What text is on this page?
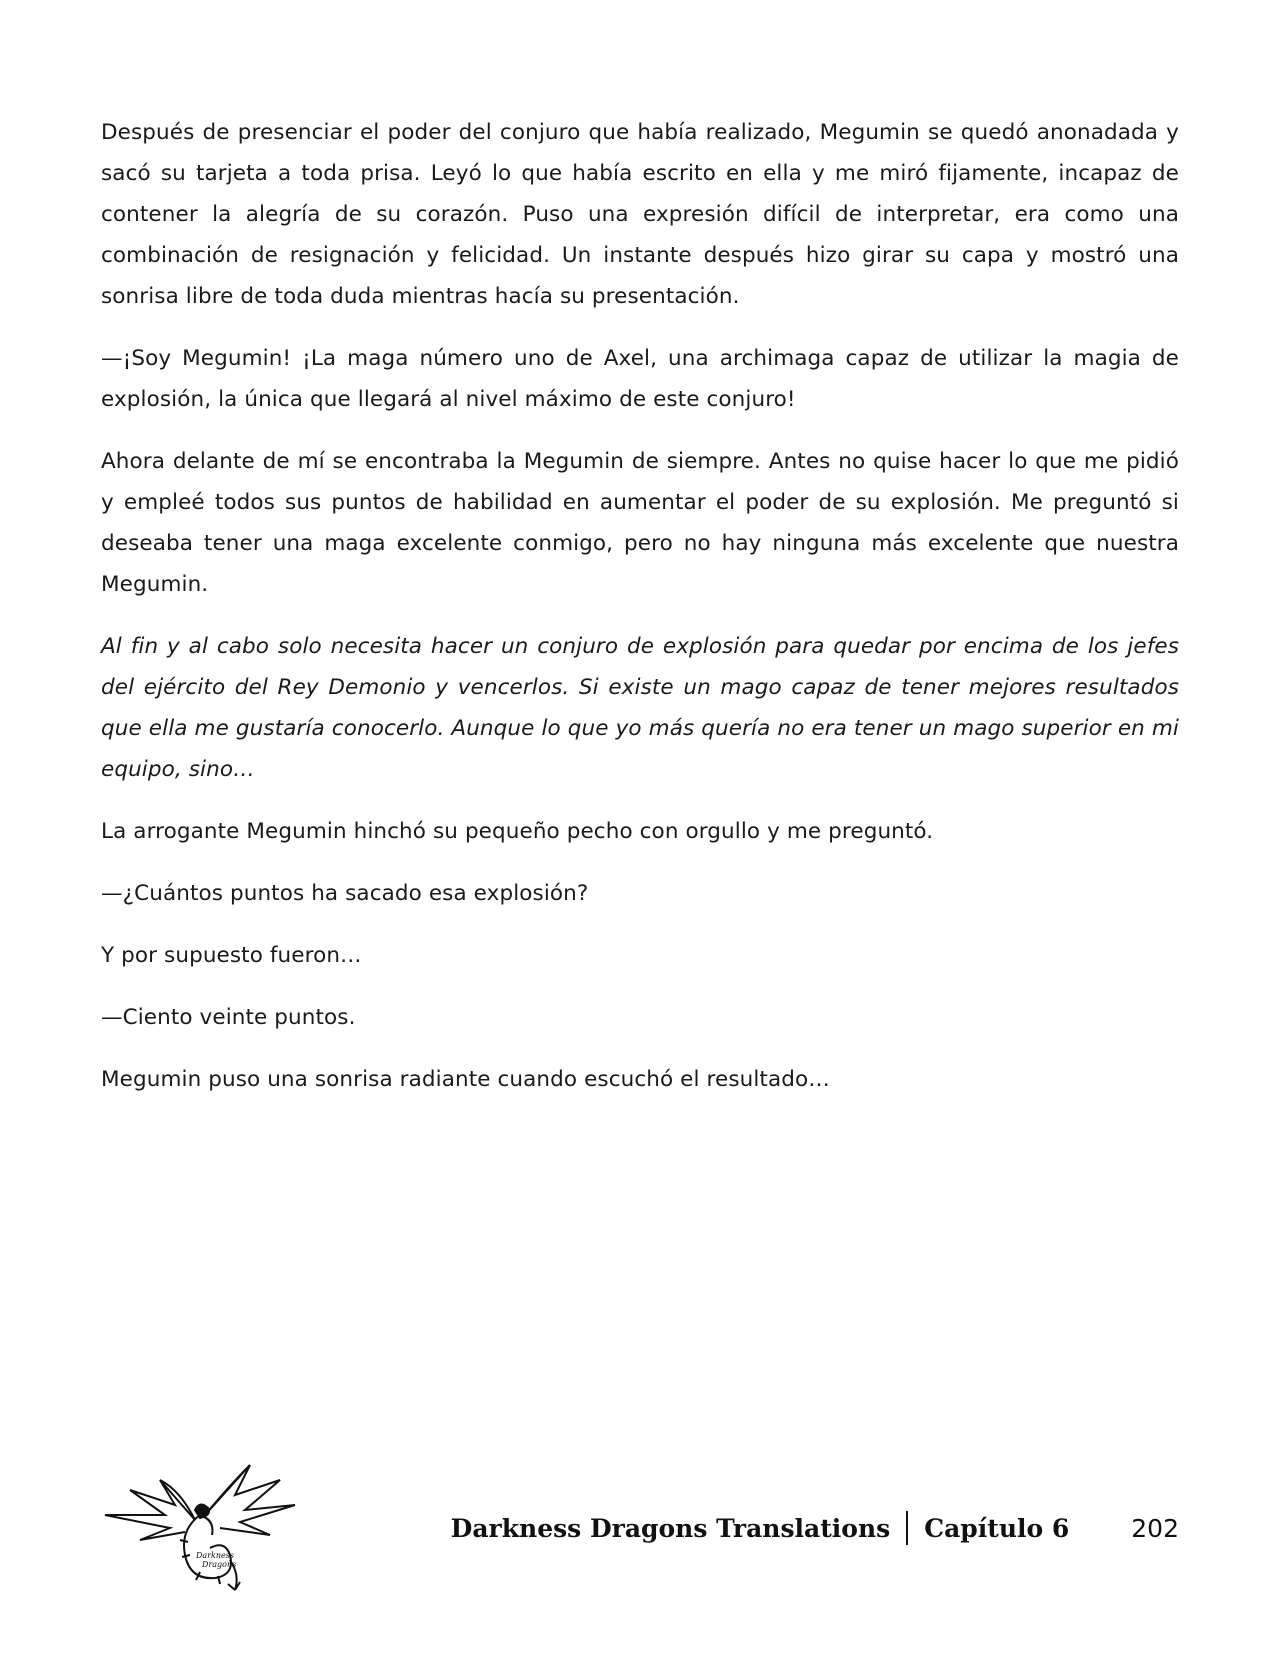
Después de presenciar el poder del conjuro que había realizado, Megumin se quedó anonadada y sacó su tarjeta a toda prisa. Leyó lo que había escrito en ella y me miró fijamente, incapaz de contener la alegría de su corazón. Puso una expresión difícil de interpretar, era como una combinación de resignación y felicidad. Un instante después hizo girar su capa y mostró una sonrisa libre de toda duda mientras hacía su presentación.

—¡Soy Megumin! ¡La maga número uno de Axel, una archimaga capaz de utilizar la magia de explosión, la única que llegará al nivel máximo de este conjuro!

Ahora delante de mí se encontraba la Megumin de siempre. Antes no quise hacer lo que me pidió y empleé todos sus puntos de habilidad en aumentar el poder de su explosión. Me preguntó si deseaba tener una maga excelente conmigo, pero no hay ninguna más excelente que nuestra Megumin.

Al fin y al cabo solo necesita hacer un conjuro de explosión para quedar por encima de los jefes del ejército del Rey Demonio y vencerlos. Si existe un mago capaz de tener mejores resultados que ella me gustaría conocerlo. Aunque lo que yo más quería no era tener un mago superior en mi equipo, sino…

La arrogante Megumin hinchó su pequeño pecho con orgullo y me preguntó.

—¿Cuántos puntos ha sacado esa explosión?

Y por supuesto fueron…

—Ciento veinte puntos.

Megumin puso una sonrisa radiante cuando escuchó el resultado…

Darkness
Dragons
Darkness Dragons Translations Capítulo 6 202
